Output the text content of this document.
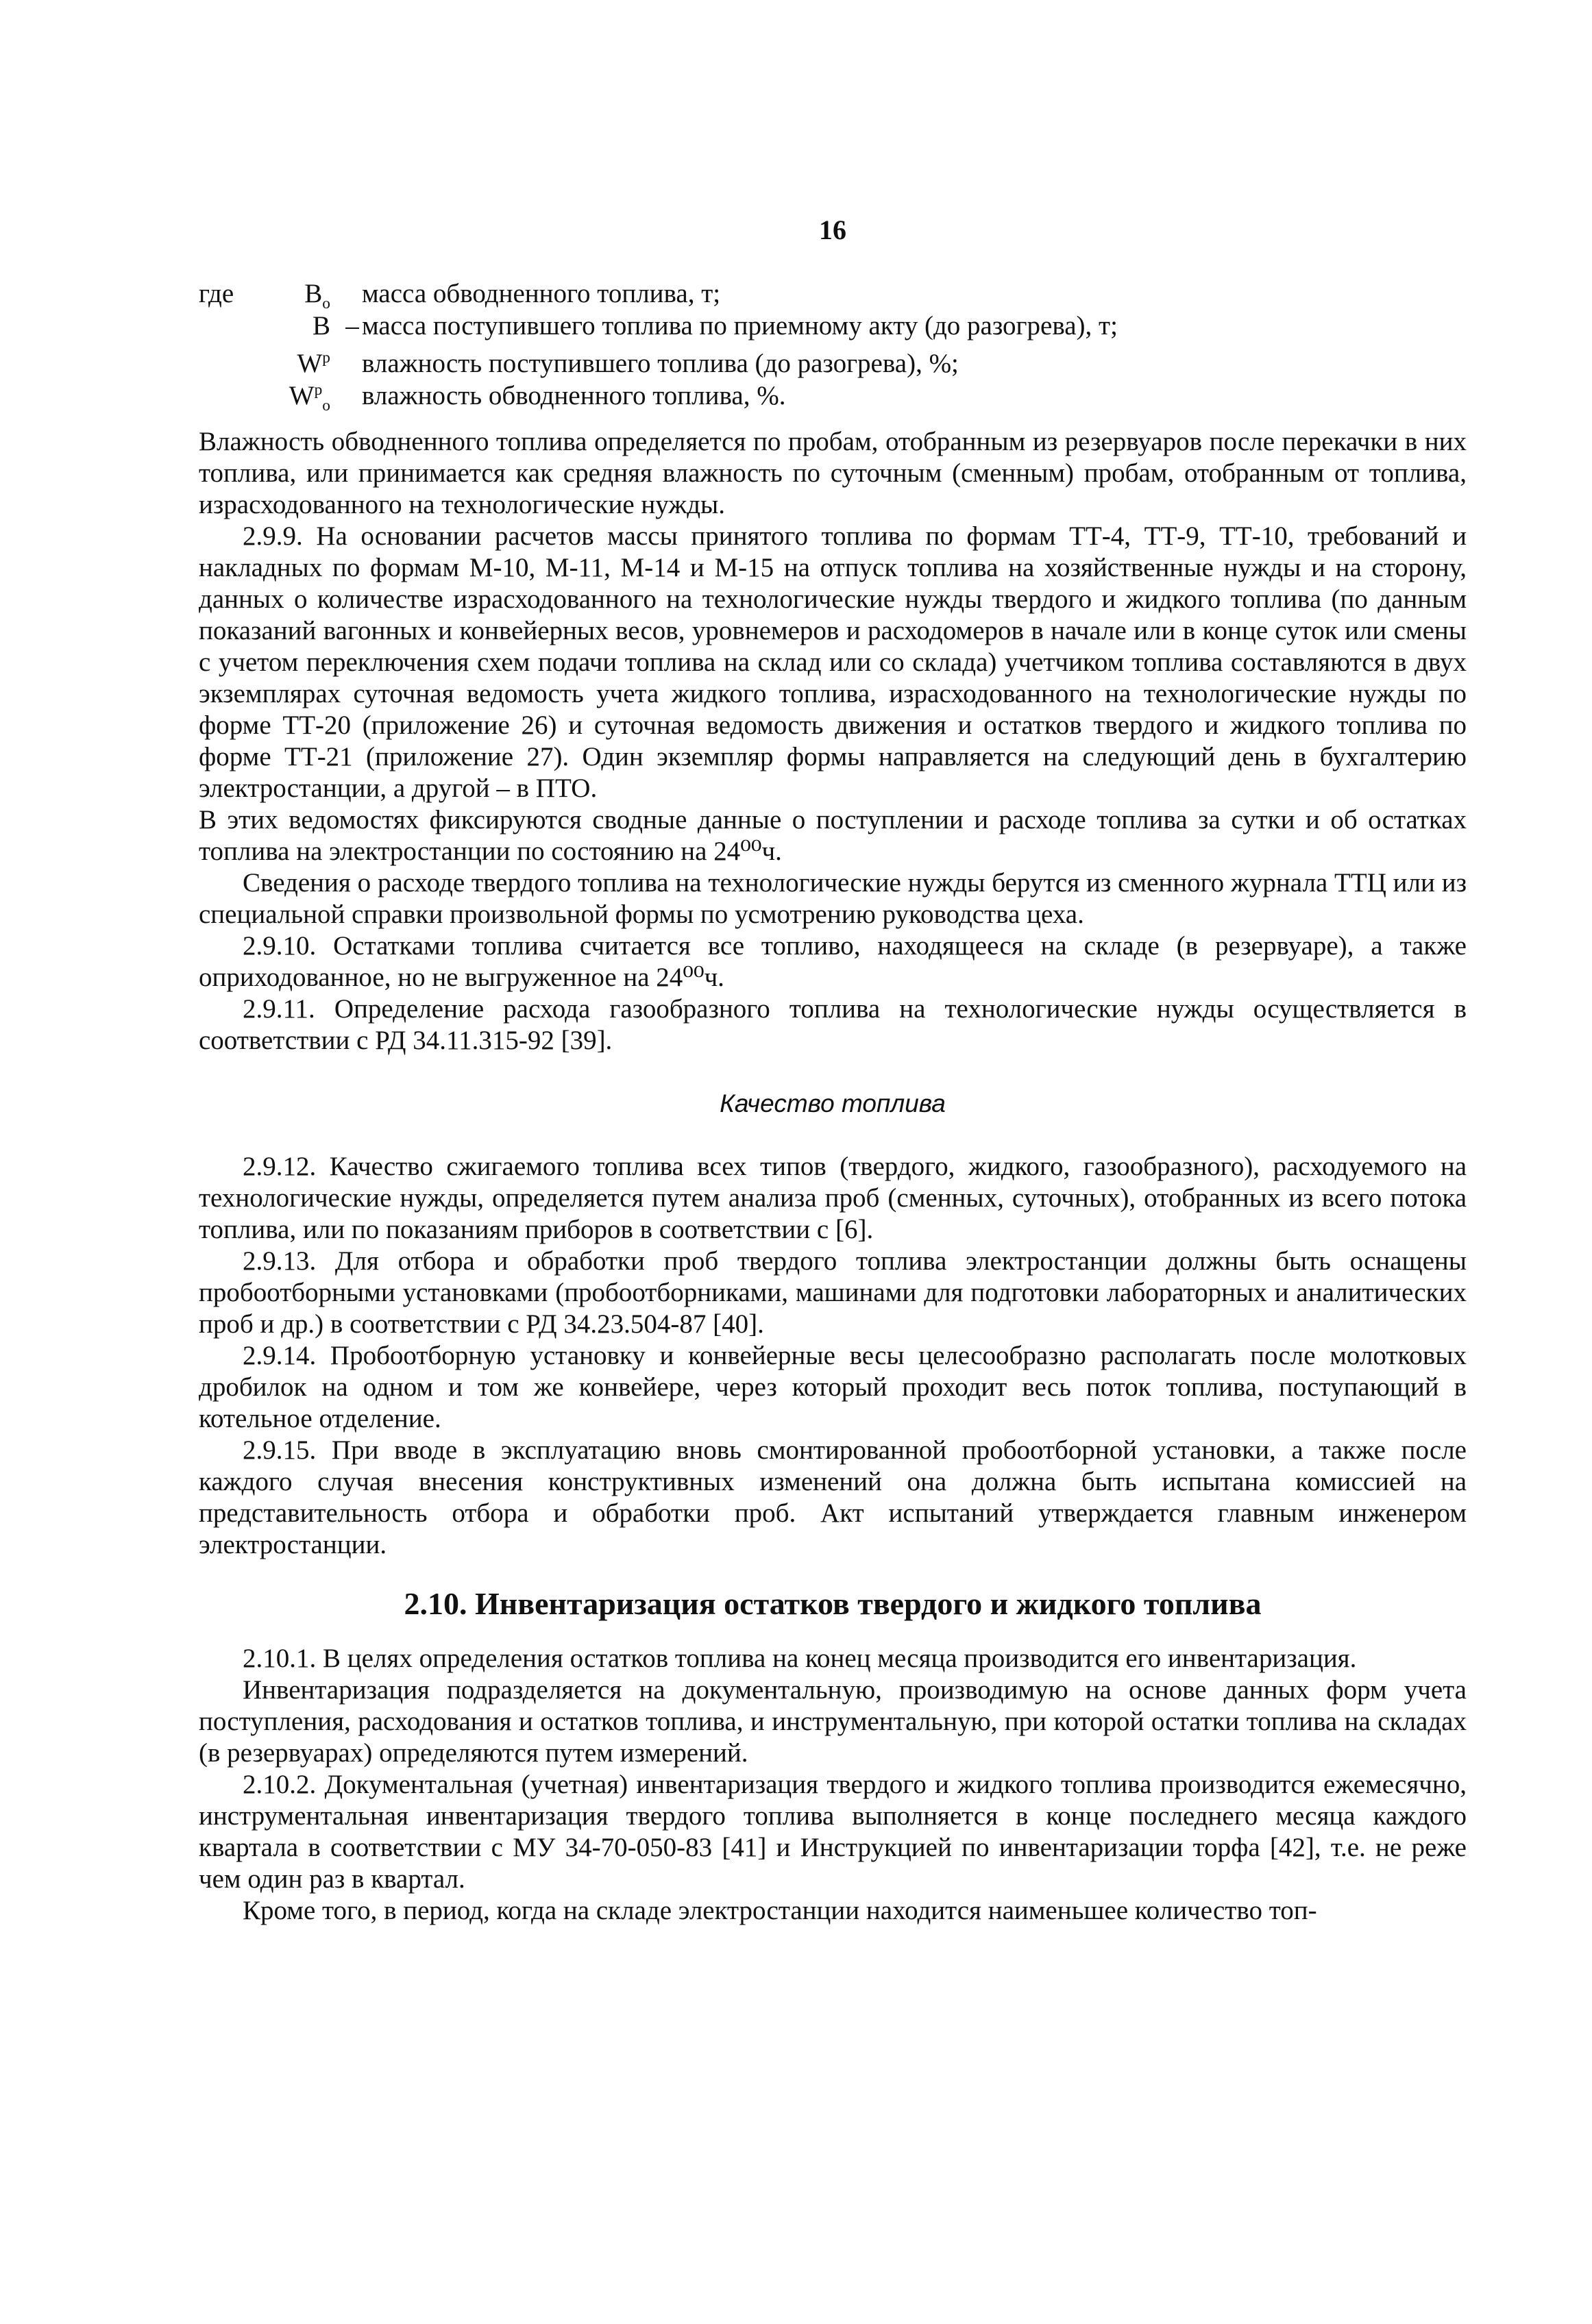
16
где	$B_o$	масса обводненного топлива, т;
B – масса поступившего топлива по приемному акту (до разогрева), т;
$W^p$	влажность поступившего топлива (до разогрева), %;
$W^p_o$	влажность обводненного топлива, %.

Влажность обводненного топлива определяется по пробам, отобранным из резервуаров после перекачки в них топлива, или принимается как средняя влажность по суточным (сменным) пробам, отобранным от топлива, израсходованного на технологические нужды.

2.9.9. На основании расчетов массы принятого топлива по формам ТТ-4, ТТ-9, ТТ-10, требований и накладных по формам М-10, М-11, М-14 и М-15 на отпуск топлива на хозяйственные нужды и на сторону, данных о количестве израсходованного на технологические нужды твердого и жидкого топлива (по данным показаний вагонных и конвейерных весов, уровнемеров и расходомеров в начале или в конце суток или смены с учетом переключения схем подачи топлива на склад или со склада) учетчиком топлива составляются в двух экземплярах суточная ведомость учета жидкого топлива, израсходованного на технологические нужды по форме ТТ-20 (приложение 26) и суточная ведомость движения и остатков твердого и жидкого топлива по форме ТТ-21 (приложение 27). Один экземпляр формы направляется на следующий день в бухгалтерию электростанции, а другой – в ПТО.

В этих ведомостях фиксируются сводные данные о поступлении и расходе топлива за сутки и об остатках топлива на электростанции по состоянию на 24⁰⁰ч.

Сведения о расходе твердого топлива на технологические нужды берутся из сменного журнала ТТЦ или из специальной справки произвольной формы по усмотрению руководства цеха.

2.9.10. Остатками топлива считается все топливо, находящееся на складе (в резервуаре), а также оприходованное, но не выгруженное на 24⁰⁰ч.

2.9.11. Определение расхода газообразного топлива на технологические нужды осуществляется в соответствии с РД 34.11.315-92 [39].

Качество топлива

2.9.12. Качество сжигаемого топлива всех типов (твердого, жидкого, газообразного), расходуемого на технологические нужды, определяется путем анализа проб (сменных, суточных), отобранных из всего потока топлива, или по показаниям приборов в соответствии с [6].

2.9.13. Для отбора и обработки проб твердого топлива электростанции должны быть оснащены пробоотборными установками (пробоотборниками, машинами для подготовки лабораторных и аналитических проб и др.) в соответствии с РД 34.23.504-87 [40].

2.9.14. Пробоотборную установку и конвейерные весы целесообразно располагать после молотковых дробилок на одном и том же конвейере, через который проходит весь поток топлива, поступающий в котельное отделение.

2.9.15. При вводе в эксплуатацию вновь смонтированной пробоотборной установки, а также после каждого случая внесения конструктивных изменений она должна быть испытана комиссией на представительность отбора и обработки проб. Акт испытаний утверждается главным инженером электростанции.

2.10. Инвентаризация остатков твердого и жидкого топлива

2.10.1. В целях определения остатков топлива на конец месяца производится его инвентаризация.

Инвентаризация подразделяется на документальную, производимую на основе данных форм учета поступления, расходования и остатков топлива, и инструментальную, при которой остатки топлива на складах (в резервуарах) определяются путем измерений.

2.10.2. Документальная (учетная) инвентаризация твердого и жидкого топлива производится ежемесячно, инструментальная инвентаризация твердого топлива выполняется в конце последнего месяца каждого квартала в соответствии с МУ 34-70-050-83 [41] и Инструкцией по инвентаризации торфа [42], т.е. не реже чем один раз в квартал.

Кроме того, в период, когда на складе электростанции находится наименьшее количество топ-
